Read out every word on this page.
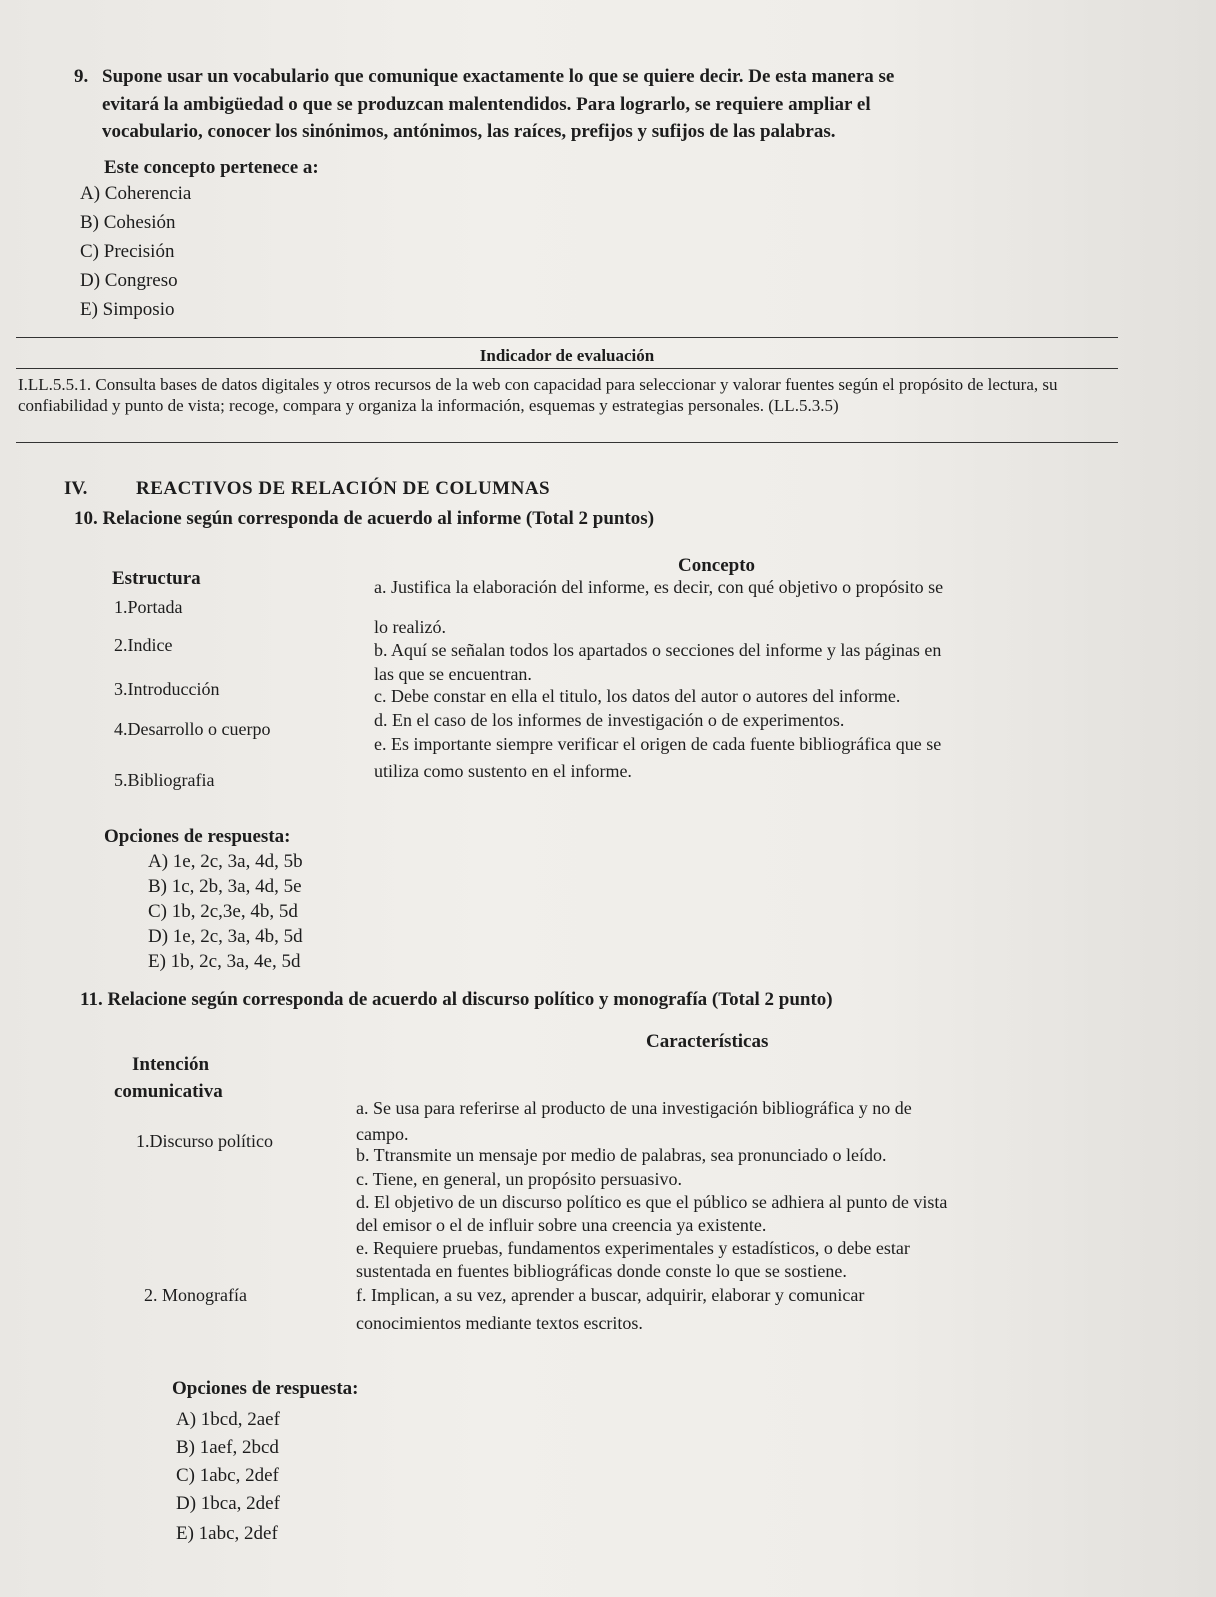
9. Supone usar un vocabulario que comunique exactamente lo que se quiere decir. De esta manera se
evitará la ambigüedad o que se produzcan malentendidos. Para lograrlo, se requiere ampliar el
vocabulario, conocer los sinónimos, antónimos, las raíces, prefijos y sufijos de las palabras.
Este concepto pertenece a:
A) Coherencia
B) Cohesión
C) Precisión
D) Congreso
E) Simposio
Indicador de evaluación
I.LL.5.5.1. Consulta bases de datos digitales y otros recursos de la web con capacidad para seleccionar y valorar fuentes según el propósito de lectura, su confiabilidad y punto de vista; recoge, compara y organiza la información, esquemas y estrategias personales. (LL.5.3.5)
IV.	REACTIVOS DE RELACIÓN DE COLUMNAS
10. Relacione según corresponda de acuerdo al informe (Total 2 puntos)
Estructura
Concepto
1.Portada
2.Indice
3.Introducción
4.Desarrollo o cuerpo
5.Bibliografia
a. Justifica la elaboración del informe, es decir, con qué objetivo o propósito se
lo realizó.
b. Aquí se señalan todos los apartados o secciones del informe y las páginas en
las que se encuentran.
c. Debe constar en ella el titulo, los datos del autor o autores del informe.
d. En el caso de los informes de investigación o de experimentos.
e. Es importante siempre verificar el origen de cada fuente bibliográfica que se
utiliza como sustento en el informe.
Opciones de respuesta:
A) 1e, 2c, 3a, 4d, 5b
B) 1c, 2b, 3a, 4d, 5e
C) 1b, 2c,3e, 4b, 5d
D) 1e, 2c, 3a, 4b, 5d
E) 1b, 2c, 3a, 4e, 5d
11. Relacione según corresponda de acuerdo al discurso político y monografía (Total 2 punto)
Intención
comunicativa
Características
1.Discurso político
2. Monografía
a. Se usa para referirse al producto de una investigación bibliográfica y no de
campo.
b. Ttransmite un mensaje por medio de palabras, sea pronunciado o leído.
c. Tiene, en general, un propósito persuasivo.
d. El objetivo de un discurso político es que el público se adhiera al punto de vista
del emisor o el de influir sobre una creencia ya existente.
e. Requiere pruebas, fundamentos experimentales y estadísticos, o debe estar
sustentada en fuentes bibliográficas donde conste lo que se sostiene.
f. Implican, a su vez, aprender a buscar, adquirir, elaborar y comunicar
conocimientos mediante textos escritos.
Opciones de respuesta:
A) 1bcd, 2aef
B) 1aef, 2bcd
C) 1abc, 2def
D) 1bca, 2def
E) 1abc, 2def
